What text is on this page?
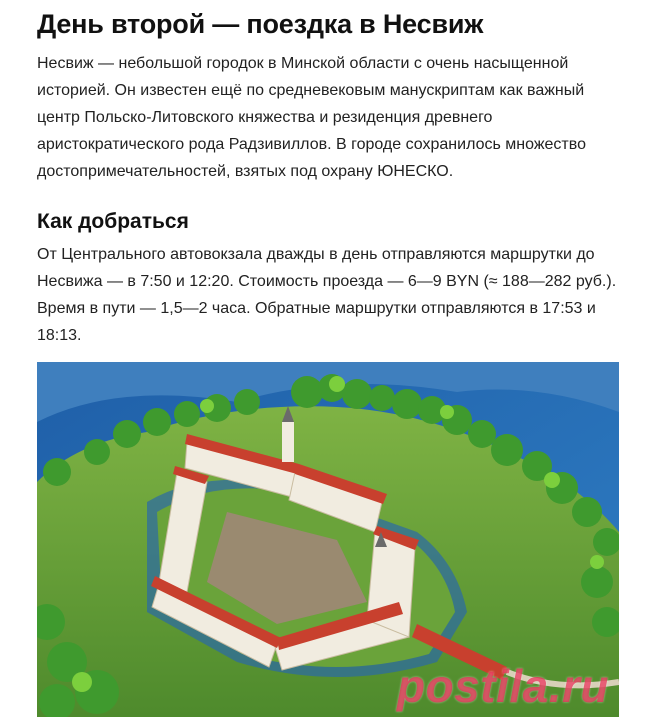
День второй — поездка в Несвиж

Несвиж — небольшой городок в Минской области с очень насыщенной историей. Он известен ещё по средневековым манускриптам как важный центр Польско-Литовского княжества и резиденция древнего аристократического рода Радзивиллов. В городе сохранилось множество достопримечательностей, взятых под охрану ЮНЕСКО.

Как добраться

От Центрального автовокзала дважды в день отправляются маршрутки до Несвижа — в 7:50 и 12:20. Стоимость проезда — 6—9 BYN (≈ 188—282 руб.). Время в пути — 1,5—2 часа. Обратные маршрутки отправляются в 17:53 и 18:13.

postila.ru
